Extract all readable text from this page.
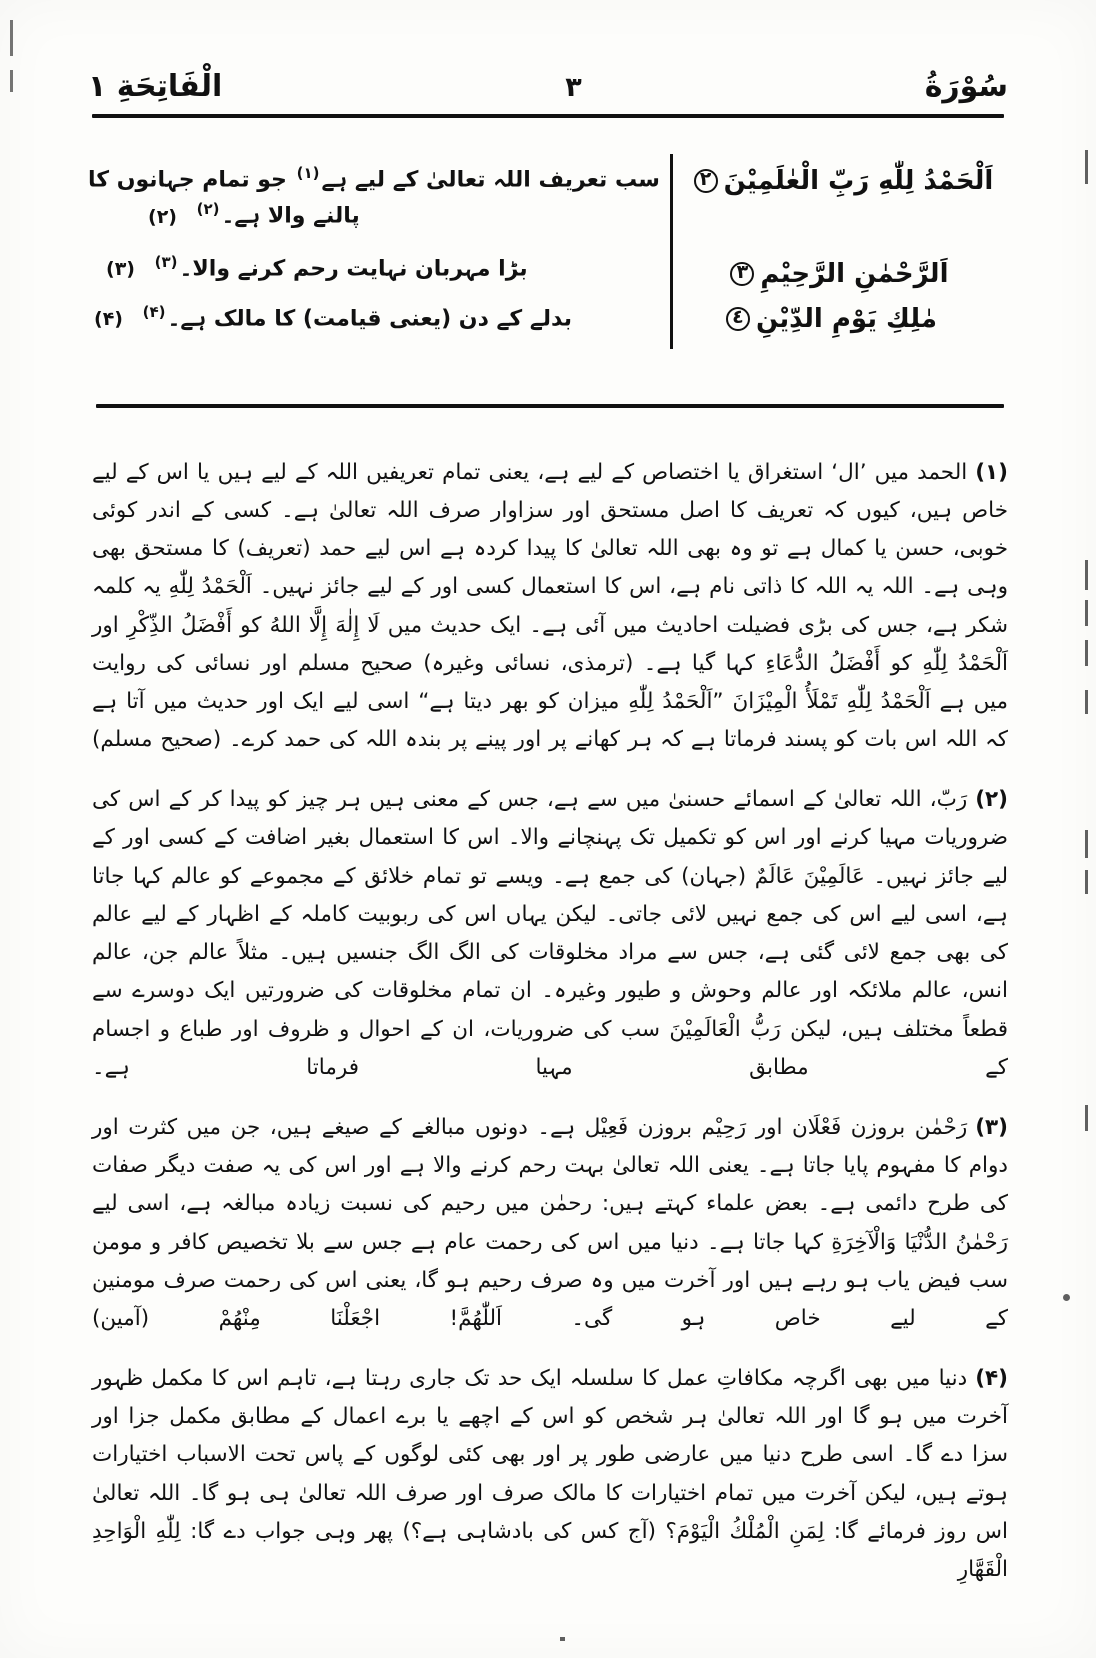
سُوْرَةُ
٣
الْفَاتِحَةِ ١
اَلْحَمْدُ لِلّٰهِ رَبِّ الْعٰلَمِيْنَ٢
اَلرَّحْمٰنِ الرَّحِيْمِ٣
مٰلِكِ يَوْمِ الدِّيْنِ٤
سب تعریف اللہ تعالیٰ کے لیے ہے$^{(۱)}$ جو تمام جہانوں کا
پالنے والا ہے۔$^{(۲)}$ (۲)
بڑا مہربان نہایت رحم کرنے والا۔$^{(۳)}$ (۳)
بدلے کے دن (یعنی قیامت) کا مالک ہے۔$^{(۴)}$ (۴)

(۱)الحمد میں ’ال‘ استغراق یا اختصاص کے لیے ہے، یعنی تمام تعریفیں اللہ کے لیے ہیں یا اس کے لیے خاص ہیں، کیوں کہ تعریف کا اصل مستحق اور سزاوار صرف اللہ تعالیٰ ہے۔ کسی کے اندر کوئی خوبی، حسن یا کمال ہے تو وہ بھی اللہ تعالیٰ کا پیدا کردہ ہے اس لیے حمد (تعریف) کا مستحق بھی وہی ہے۔ اللہ یہ اللہ کا ذاتی نام ہے، اس کا استعمال کسی اور کے لیے جائز نہیں۔ اَلْحَمْدُ لِلّٰهِ یہ کلمہ شکر ہے، جس کی بڑی فضیلت احادیث میں آئی ہے۔ ایک حدیث میں لَا إِلٰهَ إِلَّا اللهُ کو أَفْضَلُ الذِّكْرِ اور اَلْحَمْدُ لِلّٰهِ کو أَفْضَلُ الدُّعَاءِ کہا گیا ہے۔ (ترمذی، نسائی وغیرہ) صحیح مسلم اور نسائی کی روایت میں ہے اَلْحَمْدُ لِلّٰهِ تَمْلَأُ الْمِيْزَانَ ”اَلْحَمْدُ لِلّٰهِ میزان کو بھر دیتا ہے“ اسی لیے ایک اور حدیث میں آتا ہے کہ اللہ اس بات کو پسند فرماتا ہے کہ ہر کھانے پر اور پینے پر بندہ اللہ کی حمد کرے۔ (صحیح مسلم)

(۲)رَبّ، اللہ تعالیٰ کے اسمائے حسنیٰ میں سے ہے، جس کے معنی ہیں ہر چیز کو پیدا کر کے اس کی ضروریات مہیا کرنے اور اس کو تکمیل تک پہنچانے والا۔ اس کا استعمال بغیر اضافت کے کسی اور کے لیے جائز نہیں۔ عَالَمِيْنَ عَالَمٌ (جہان) کی جمع ہے۔ ویسے تو تمام خلائق کے مجموعے کو عالم کہا جاتا ہے، اسی لیے اس کی جمع نہیں لائی جاتی۔ لیکن یہاں اس کی ربوبیت کاملہ کے اظہار کے لیے عالم کی بھی جمع لائی گئی ہے، جس سے مراد مخلوقات کی الگ الگ جنسیں ہیں۔ مثلاً عالم جن، عالم انس، عالم ملائکہ اور عالم وحوش و طیور وغیرہ۔ ان تمام مخلوقات کی ضرورتیں ایک دوسرے سے قطعاً مختلف ہیں، لیکن رَبُّ الْعَالَمِيْنَ سب کی ضروریات، ان کے احوال و ظروف اور طباع و اجسام کے مطابق مہیا فرماتا ہے۔

(۳)رَحْمٰن بروزن فَعْلَان اور رَحِيْم بروزن فَعِيْل ہے۔ دونوں مبالغے کے صیغے ہیں، جن میں کثرت اور دوام کا مفہوم پایا جاتا ہے۔ یعنی اللہ تعالیٰ بہت رحم کرنے والا ہے اور اس کی یہ صفت دیگر صفات کی طرح دائمی ہے۔ بعض علماء کہتے ہیں: رحمٰن میں رحیم کی نسبت زیادہ مبالغہ ہے، اسی لیے رَحْمٰنُ الدُّنْيَا وَالْآخِرَةِ کہا جاتا ہے۔ دنیا میں اس کی رحمت عام ہے جس سے بلا تخصیص کافر و مومن سب فیض یاب ہو رہے ہیں اور آخرت میں وہ صرف رحیم ہو گا، یعنی اس کی رحمت صرف مومنین کے لیے خاص ہو گی۔ اَللّٰهُمَّ! اجْعَلْنَا مِنْهُمْ (آمین)

(۴)دنیا میں بھی اگرچہ مکافاتِ عمل کا سلسلہ ایک حد تک جاری رہتا ہے، تاہم اس کا مکمل ظہور آخرت میں ہو گا اور اللہ تعالیٰ ہر شخص کو اس کے اچھے یا برے اعمال کے مطابق مکمل جزا اور سزا دے گا۔ اسی طرح دنیا میں عارضی طور پر اور بھی کئی لوگوں کے پاس تحت الاسباب اختیارات ہوتے ہیں، لیکن آخرت میں تمام اختیارات کا مالک صرف اور صرف اللہ تعالیٰ ہی ہو گا۔ اللہ تعالیٰ اس روز فرمائے گا: لِمَنِ الْمُلْكُ الْيَوْمَ؟ (آج کس کی بادشاہی ہے؟) پھر وہی جواب دے گا: لِلّٰهِ الْوَاحِدِ الْقَهَّارِ
